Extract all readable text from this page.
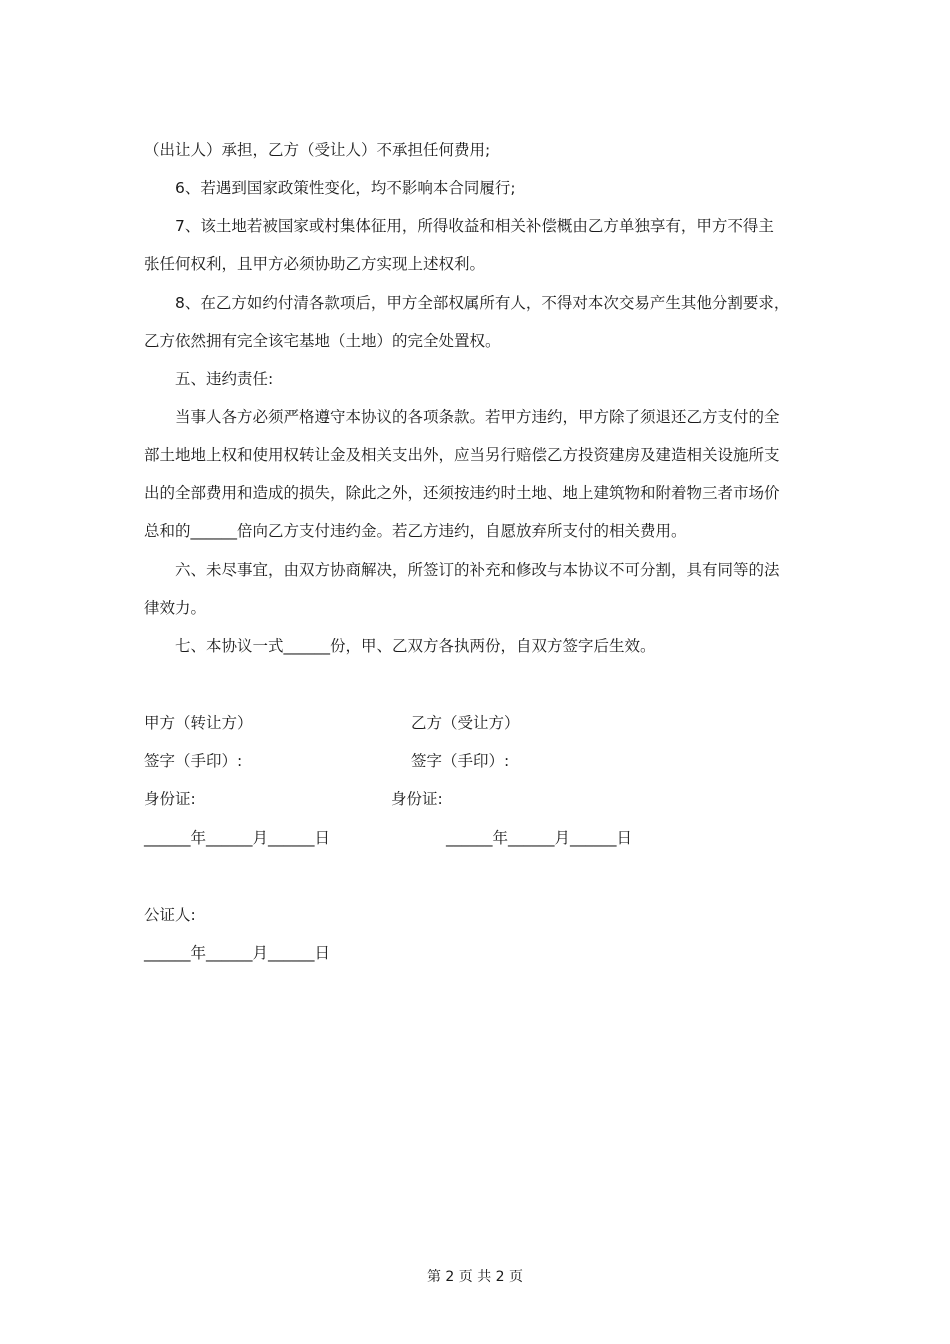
（出让人）承担，乙方（受让人）不承担任何费用;
6、若遇到国家政策性变化，均不影响本合同履行;
7、该土地若被国家或村集体征用，所得收益和相关补偿概由乙方单独享有，甲方不得主
张任何权利，且甲方必须协助乙方实现上述权利。
8、在乙方如约付清各款项后，甲方全部权属所有人，不得对本次交易产生其他分割要求，
乙方依然拥有完全该宅基地（土地）的完全处置权。
五、违约责任:
当事人各方必须严格遵守本协议的各项条款。若甲方违约，甲方除了须退还乙方支付的全
部土地地上权和使用权转让金及相关支出外，应当另行赔偿乙方投资建房及建造相关设施所支
出的全部费用和造成的损失，除此之外，还须按违约时土地、地上建筑物和附着物三者市场价
总和的______倍向乙方支付违约金。若乙方违约，自愿放弃所支付的相关费用。
六、未尽事宜，由双方协商解决，所签订的补充和修改与本协议不可分割，具有同等的法
律效力。
七、本协议一式______份，甲、乙双方各执两份，自双方签字后生效。
甲方（转让方）	乙方（受让方）
签字（手印）:	签字（手印）:
身份证:	身份证:
______年______月______日	______年______月______日
公证人:
______年______月______日
第 2 页 共 2 页
